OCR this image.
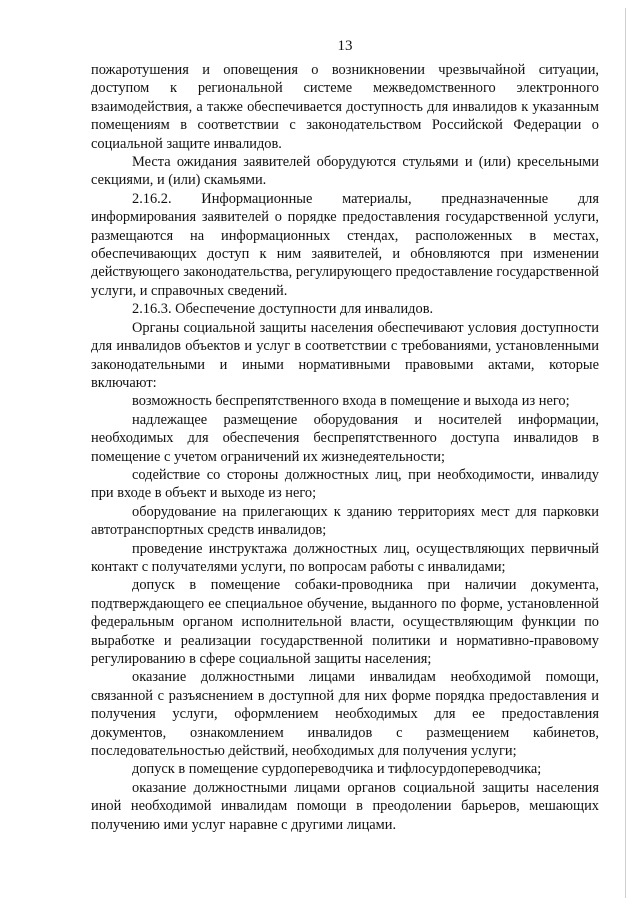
13

пожаротушения и оповещения о возникновении чрезвычайной ситуации, доступом к региональной системе межведомственного электронного взаимодействия, а также обеспечивается доступность для инвалидов к указанным помещениям в соответствии с законодательством Российской Федерации о социальной защите инвалидов.

Места ожидания заявителей оборудуются стульями и (или) кресельными секциями, и (или) скамьями.

2.16.2. Информационные материалы, предназначенные для информирования заявителей о порядке предоставления государственной услуги, размещаются на информационных стендах, расположенных в местах, обеспечивающих доступ к ним заявителей, и обновляются при изменении действующего законодательства, регулирующего предоставление государственной услуги, и справочных сведений.

2.16.3. Обеспечение доступности для инвалидов.

Органы социальной защиты населения обеспечивают условия доступности для инвалидов объектов и услуг в соответствии с требованиями, установленными законодательными и иными нормативными правовыми актами, которые включают:

возможность беспрепятственного входа в помещение и выхода из него;

надлежащее размещение оборудования и носителей информации, необходимых для обеспечения беспрепятственного доступа инвалидов в помещение с учетом ограничений их жизнедеятельности;

содействие со стороны должностных лиц, при необходимости, инвалиду при входе в объект и выходе из него;

оборудование на прилегающих к зданию территориях мест для парковки автотранспортных средств инвалидов;

проведение инструктажа должностных лиц, осуществляющих первичный контакт с получателями услуги, по вопросам работы с инвалидами;

допуск в помещение собаки-проводника при наличии документа, подтверждающего ее специальное обучение, выданного по форме, установленной федеральным органом исполнительной власти, осуществляющим функции по выработке и реализации государственной политики и нормативно-правовому регулированию в сфере социальной защиты населения;

оказание должностными лицами инвалидам необходимой помощи, связанной с разъяснением в доступной для них форме порядка предоставления и получения услуги, оформлением необходимых для ее предоставления документов, ознакомлением инвалидов с размещением кабинетов, последовательностью действий, необходимых для получения услуги;

допуск в помещение сурдопереводчика и тифлосурдопереводчика;

оказание должностными лицами органов социальной защиты населения иной необходимой инвалидам помощи в преодолении барьеров, мешающих получению ими услуг наравне с другими лицами.
